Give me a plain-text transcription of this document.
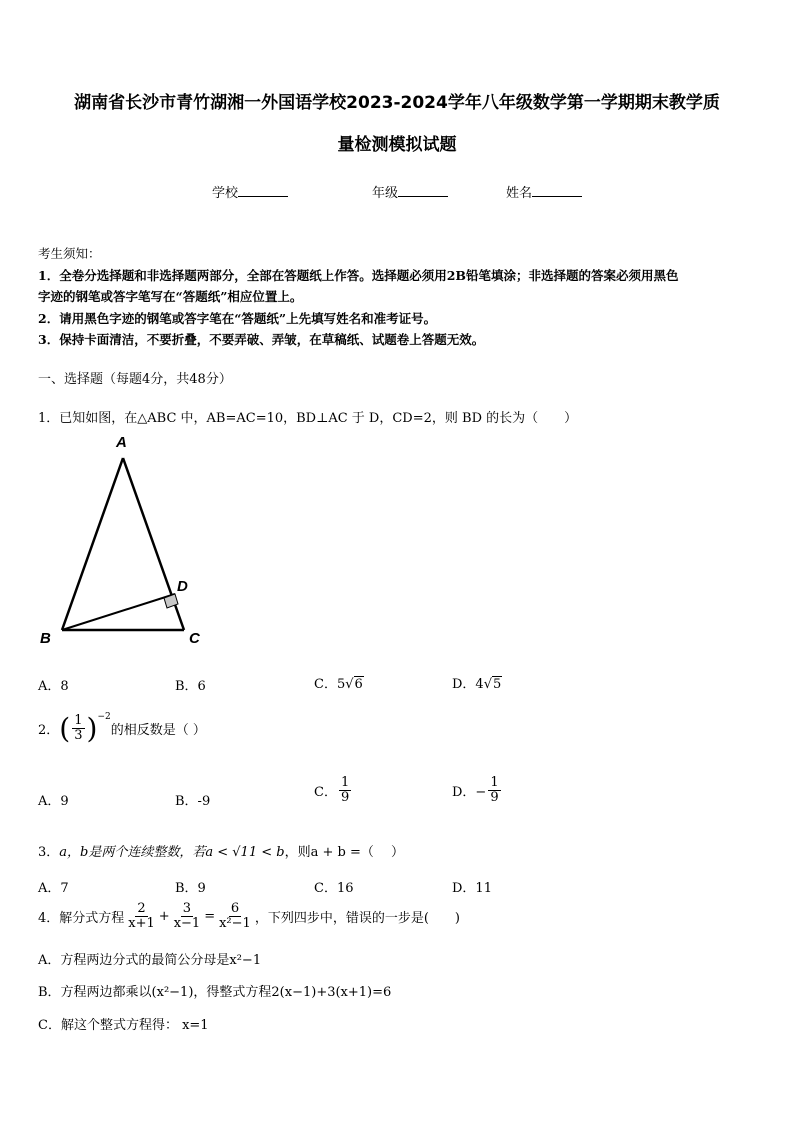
湖南省长沙市青竹湖湘一外国语学校2023-2024学年八年级数学第一学期期末教学质
量检测模拟试题
学校	年级	姓名
考生须知：
1．全卷分选择题和非选择题两部分，全部在答题纸上作答。选择题必须用2B铅笔填涂；非选择题的答案必须用黑色
字迹的钢笔或答字笔写在“答题纸”相应位置上。
2．请用黑色字迹的钢笔或答字笔在“答题纸”上先填写姓名和准考证号。
3．保持卡面清洁，不要折叠，不要弄破、弄皱，在草稿纸、试题卷上答题无效。
一、选择题（每题4分，共48分）
1．已知如图，在△ABC 中，AB=AC=10，BD⊥AC 于 D，CD=2，则 BD 的长为（　　）
A
B	C
D
A．8	B．6	C．5√6	D．4√5
2． ( $\frac{1}{3}$ ) −2
的相反数是（ ）
A．9	B．-9
C． $\frac{1}{9}$	D．− $\frac{1}{9}$
3．a，b是两个连续整数，若a < √11 < b，则a + b =（　 ）
A．7	B．9	C．16	D．11
4．解分式方程 $\frac{2}{x+1} + \frac{3}{x-1} = \frac{6}{\text{x²−1}}$ ，下列四步中，错误的一步是(　　)
A．方程两边分式的最简公分母是x²−1
B．方程两边都乘以(x²−1)，得整式方程2(x−1)+3(x+1)=6
C．解这个整式方程得： x=1
